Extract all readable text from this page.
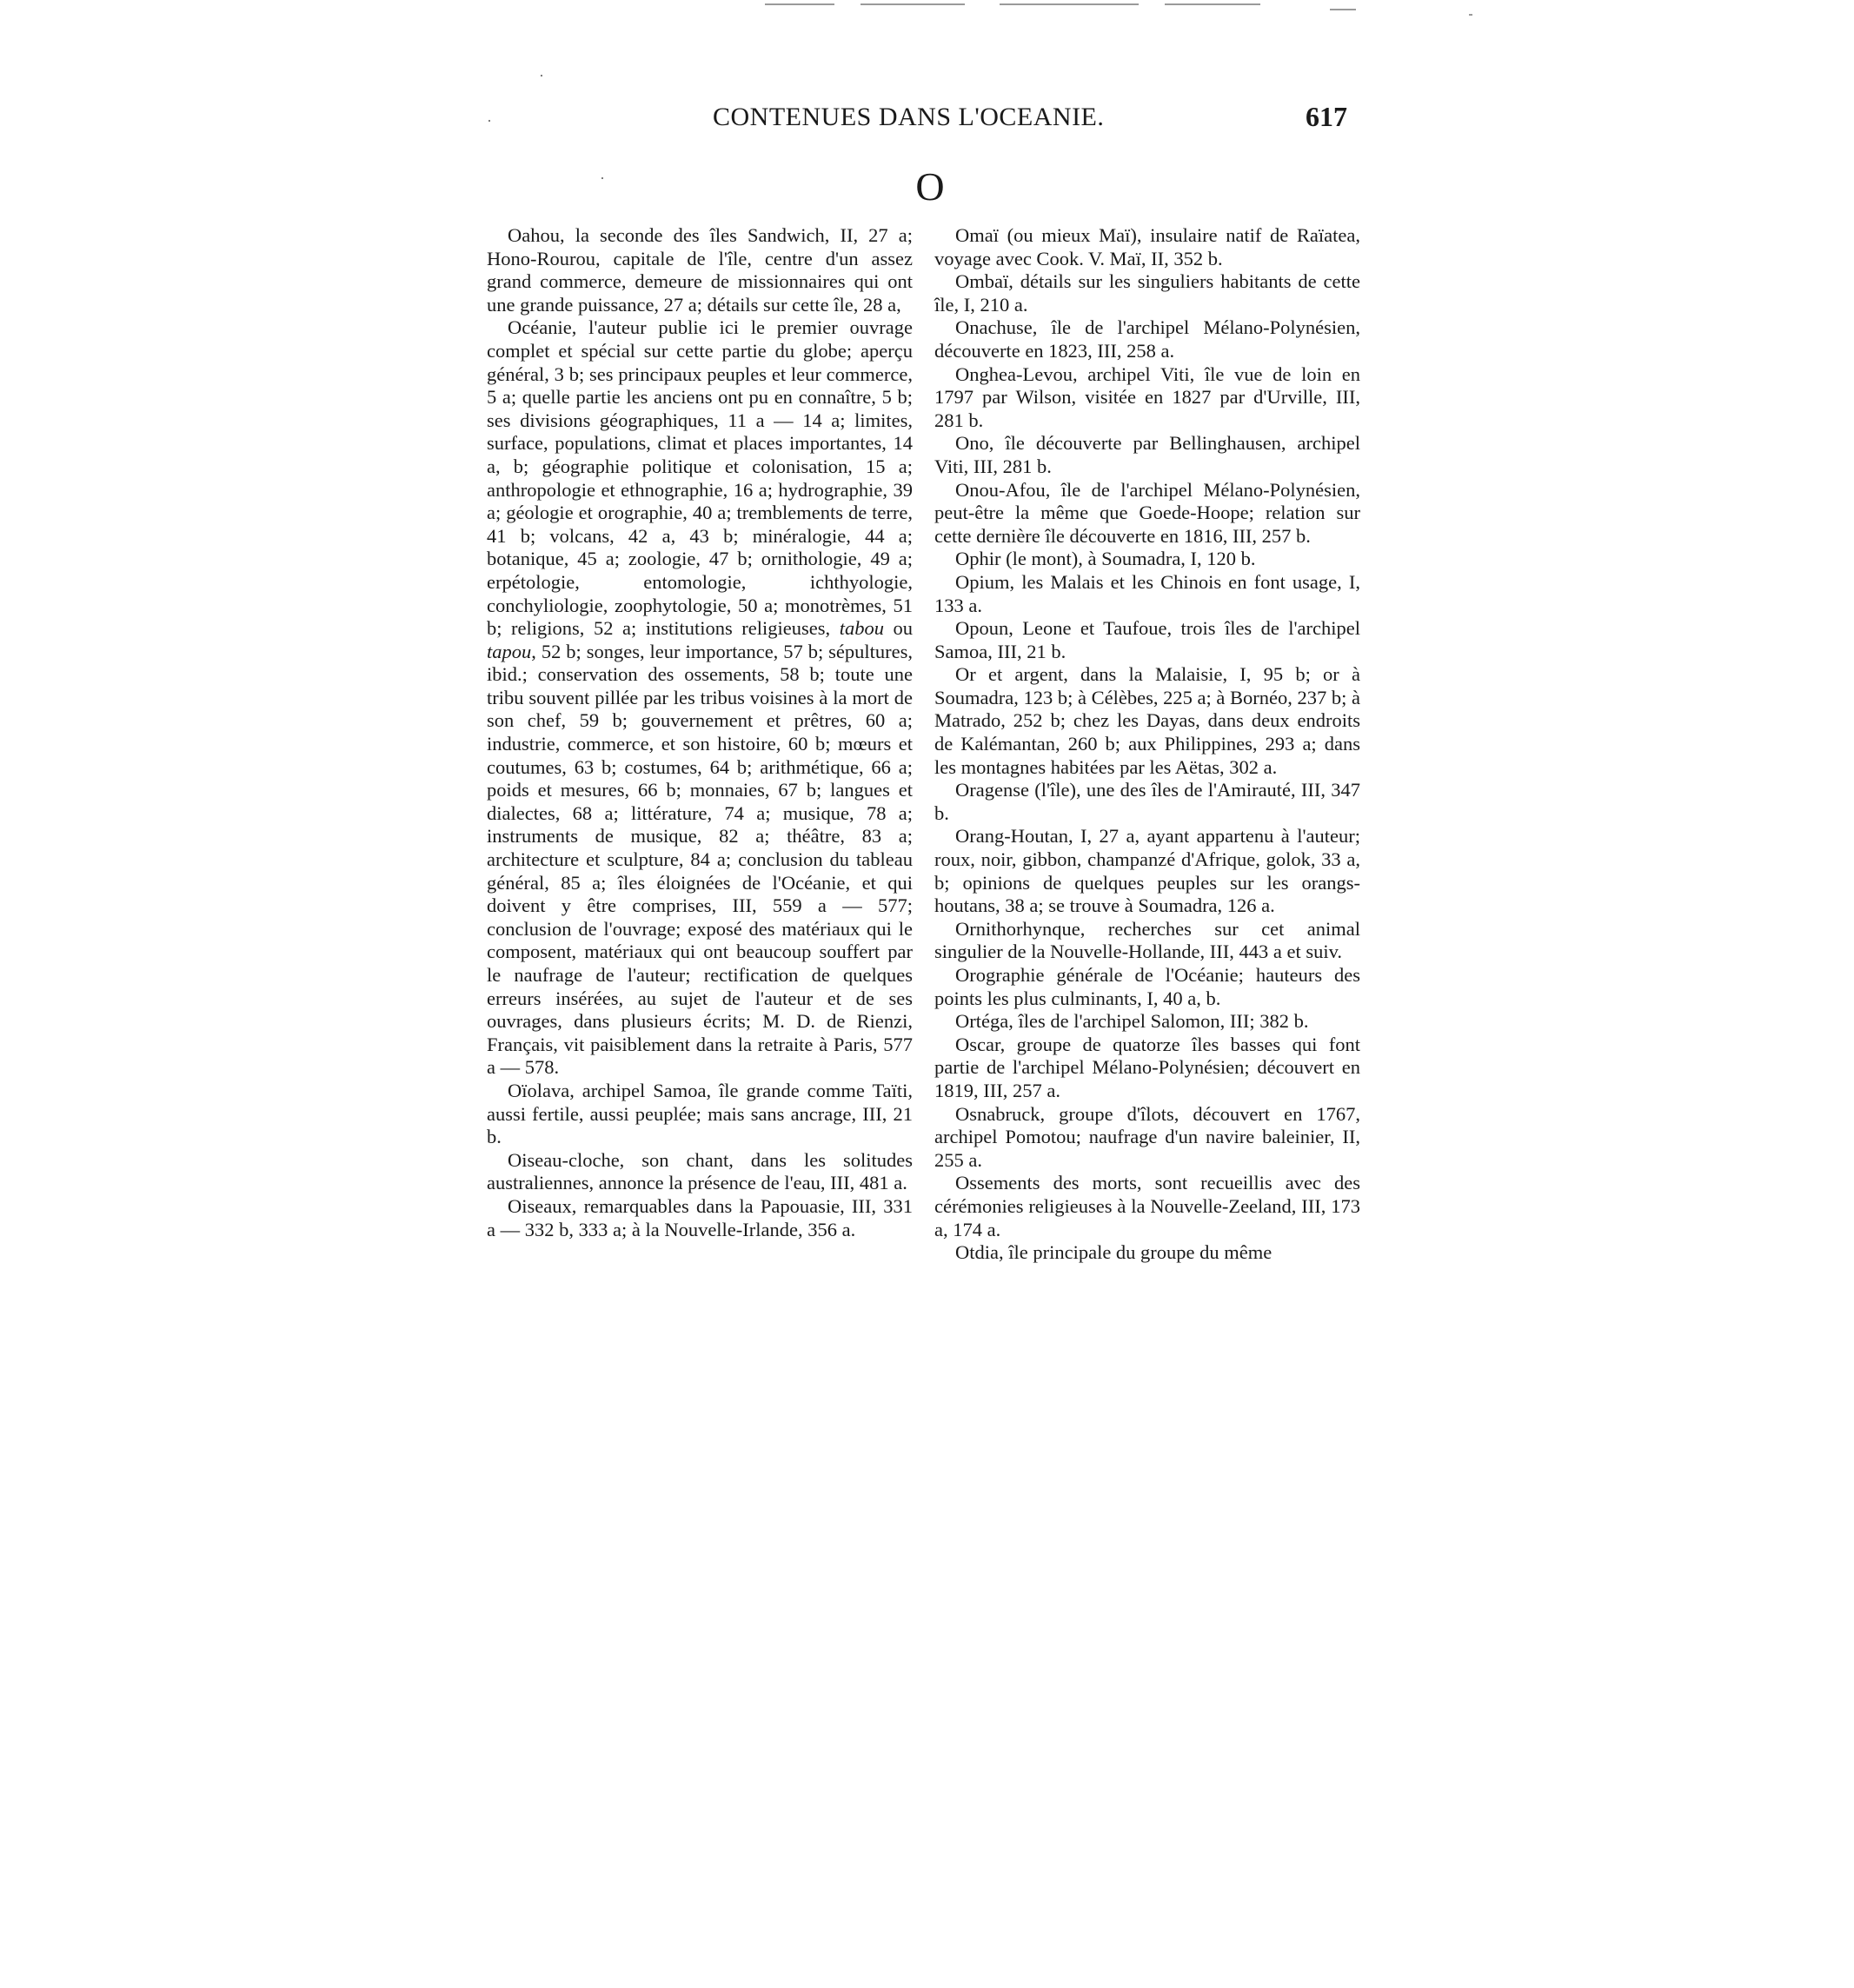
·
·
·
CONTENUES DANS L'OCEANIE.	617
O

Oahou, la seconde des îles Sandwich, II, 27 a; Hono-Rourou, capitale de l'île, centre d'un assez grand commerce, demeure de missionnaires qui ont une grande puissance, 27 a; détails sur cette île, 28 a,

Océanie, l'auteur publie ici le premier ouvrage complet et spécial sur cette partie du globe; aperçu général, 3 b; ses principaux peuples et leur commerce, 5 a; quelle partie les anciens ont pu en connaître, 5 b; ses divisions géographiques, 11 a — 14 a; limites, surface, populations, climat et places importantes, 14 a, b; géographie politique et colonisation, 15 a; anthropologie et ethnographie, 16 a; hydrographie, 39 a; géologie et orographie, 40 a; tremblements de terre, 41 b; volcans, 42 a, 43 b; minéralogie, 44 a; botanique, 45 a; zoologie, 47 b; ornithologie, 49 a; erpétologie, entomologie, ichthyologie, conchyliologie, zoophytologie, 50 a; monotrèmes, 51 b; religions, 52 a; institutions religieuses, tabou ou tapou, 52 b; songes, leur importance, 57 b; sépultures, ibid.; conservation des ossements, 58 b; toute une tribu souvent pillée par les tribus voisines à la mort de son chef, 59 b; gouvernement et prêtres, 60 a; industrie, commerce, et son histoire, 60 b; mœurs et coutumes, 63 b; costumes, 64 b; arithmétique, 66 a; poids et mesures, 66 b; monnaies, 67 b; langues et dialectes, 68 a; littérature, 74 a; musique, 78 a; instruments de musique, 82 a; théâtre, 83 a; architecture et sculpture, 84 a; conclusion du tableau général, 85 a; îles éloignées de l'Océanie, et qui doivent y être comprises, III, 559 a — 577; conclusion de l'ouvrage; exposé des matériaux qui le composent, matériaux qui ont beaucoup souffert par le naufrage de l'auteur; rectification de quelques erreurs insérées, au sujet de l'auteur et de ses ouvrages, dans plusieurs écrits; M. D. de Rienzi, Français, vit paisiblement dans la retraite à Paris, 577 a — 578.

Oïolava, archipel Samoa, île grande comme Taïti, aussi fertile, aussi peuplée; mais sans ancrage, III, 21 b.

Oiseau-cloche, son chant, dans les solitudes australiennes, annonce la présence de l'eau, III, 481 a.

Oiseaux, remarquables dans la Papouasie, III, 331 a — 332 b, 333 a; à la Nouvelle-Irlande, 356 a.

Omaï (ou mieux Maï), insulaire natif de Raïatea, voyage avec Cook. V. Maï, II, 352 b.

Ombaï, détails sur les singuliers habitants de cette île, I, 210 a.

Onachuse, île de l'archipel Mélano-Polynésien, découverte en 1823, III, 258 a.

Onghea-Levou, archipel Viti, île vue de loin en 1797 par Wilson, visitée en 1827 par d'Urville, III, 281 b.

Ono, île découverte par Bellinghausen, archipel Viti, III, 281 b.

Onou-Afou, île de l'archipel Mélano-Polynésien, peut-être la même que Goede-Hoope; relation sur cette dernière île découverte en 1816, III, 257 b.

Ophir (le mont), à Soumadra, I, 120 b.

Opium, les Malais et les Chinois en font usage, I, 133 a.

Opoun, Leone et Taufoue, trois îles de l'archipel Samoa, III, 21 b.

Or et argent, dans la Malaisie, I, 95 b; or à Soumadra, 123 b; à Célèbes, 225 a; à Bornéo, 237 b; à Matrado, 252 b; chez les Dayas, dans deux endroits de Kalémantan, 260 b; aux Philippines, 293 a; dans les montagnes habitées par les Aëtas, 302 a.

Oragense (l'île), une des îles de l'Amirauté, III, 347 b.

Orang-Houtan, I, 27 a, ayant appartenu à l'auteur; roux, noir, gibbon, champanzé d'Afrique, golok, 33 a, b; opinions de quelques peuples sur les orangs-houtans, 38 a; se trouve à Soumadra, 126 a.

Ornithorhynque, recherches sur cet animal singulier de la Nouvelle-Hollande, III, 443 a et suiv.

Orographie générale de l'Océanie; hauteurs des points les plus culminants, I, 40 a, b.

Ortéga, îles de l'archipel Salomon, III; 382 b.

Oscar, groupe de quatorze îles basses qui font partie de l'archipel Mélano-Polynésien; découvert en 1819, III, 257 a.

Osnabruck, groupe d'îlots, découvert en 1767, archipel Pomotou; naufrage d'un navire baleinier, II, 255 a.

Ossements des morts, sont recueillis avec des cérémonies religieuses à la Nouvelle-Zeeland, III, 173 a, 174 a.

Otdia, île principale du groupe du même
